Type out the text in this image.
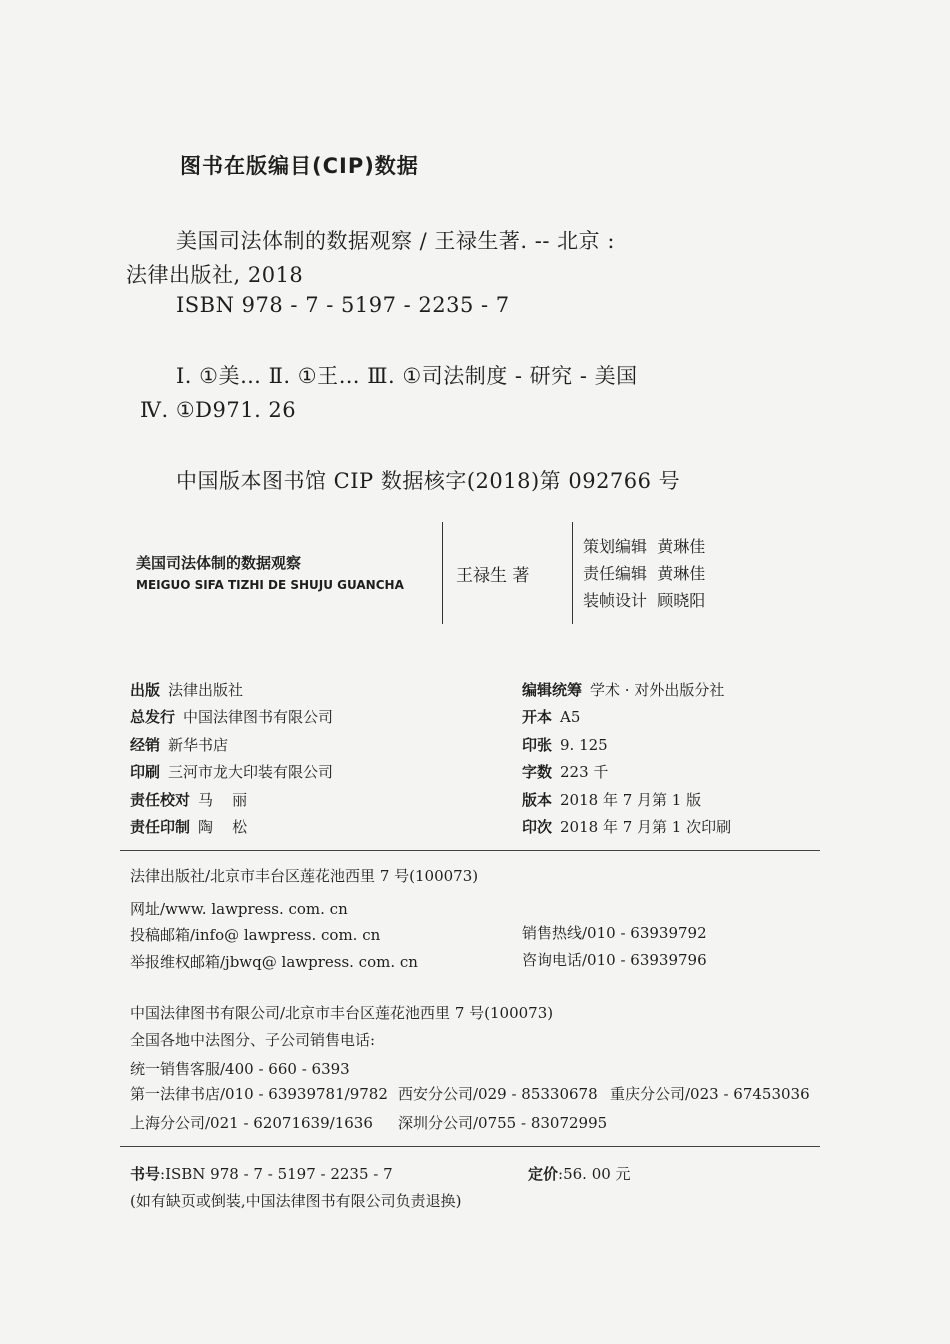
图书在版编目(CIP)数据
美国司法体制的数据观察 / 王禄生著. -- 北京 :
法律出版社, 2018
ISBN 978 - 7 - 5197 - 2235 - 7
Ⅰ. ①美… Ⅱ. ①王… Ⅲ. ①司法制度 - 研究 - 美国
Ⅳ. ①D971. 26
中国版本图书馆 CIP 数据核字(2018)第 092766 号
美国司法体制的数据观察
MEIGUO SIFA TIZHI DE SHUJU GUANCHA	王禄生 著
策划编辑 黄琳佳
责任编辑 黄琳佳
装帧设计 顾晓阳
出版 法律出版社
总发行 中国法律图书有限公司
经销 新华书店
印刷 三河市龙大印装有限公司
责任校对 马    丽
责任印制 陶    松
编辑统筹 学术 · 对外出版分社
开本 A5
印张 9. 125
字数 223 千
版本 2018 年 7 月第 1 版
印次 2018 年 7 月第 1 次印刷
法律出版社/北京市丰台区莲花池西里 7 号(100073)
网址/www. lawpress. com. cn
投稿邮箱/info@ lawpress. com. cn
举报维权邮箱/jbwq@ lawpress. com. cn
销售热线/010 - 63939792
咨询电话/010 - 63939796
中国法律图书有限公司/北京市丰台区莲花池西里 7 号(100073)
全国各地中法图分、子公司销售电话:
统一销售客服/400 - 660 - 6393
第一法律书店/010 - 63939781/9782 西安分公司/029 - 85330678 重庆分公司/023 - 67453036
上海分公司/021 - 62071639/1636 深圳分公司/0755 - 83072995
书号:ISBN 978 - 7 - 5197 - 2235 - 7	定价:56. 00 元
(如有缺页或倒装,中国法律图书有限公司负责退换)
